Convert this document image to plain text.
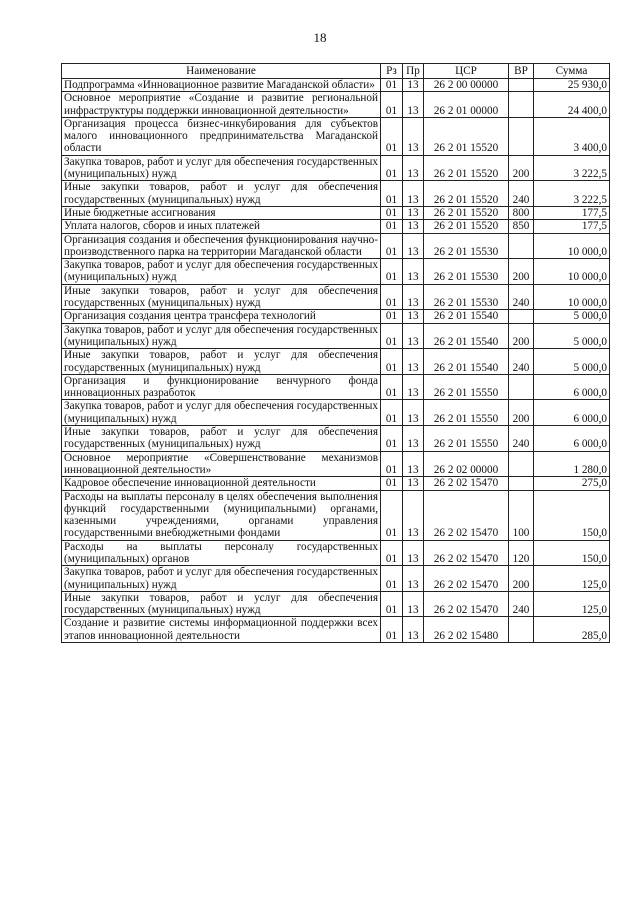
18
Наименование	Рз	Пр	ЦСР	ВР	Сумма
Подпрограмма «Инновационное развитие Магаданской области»	01	13	26 2 00 00000		25 930,0
Основное мероприятие «Создание и развитие региональной инфраструктуры поддержки инновационной деятельности»	01	13	26 2 01 00000		24 400,0
Организация процесса бизнес-инкубирования для субъектов малого инновационного предпринимательства Магаданской области	01	13	26 2 01 15520		3 400,0
Закупка товаров, работ и услуг для обеспечения государственных (муниципальных) нужд	01	13	26 2 01 15520	200	3 222,5
Иные закупки товаров, работ и услуг для обеспечения государственных (муниципальных) нужд	01	13	26 2 01 15520	240	3 222,5
Иные бюджетные ассигнования	01	13	26 2 01 15520	800	177,5
Уплата налогов, сборов и иных платежей	01	13	26 2 01 15520	850	177,5
Организация создания и обеспечения функционирования научно-производственного парка на территории Магаданской области	01	13	26 2 01 15530		10 000,0
Закупка товаров, работ и услуг для обеспечения государственных (муниципальных) нужд	01	13	26 2 01 15530	200	10 000,0
Иные закупки товаров, работ и услуг для обеспечения государственных (муниципальных) нужд	01	13	26 2 01 15530	240	10 000,0
Организация создания центра трансфера технологий	01	13	26 2 01 15540		5 000,0
Закупка товаров, работ и услуг для обеспечения государственных (муниципальных) нужд	01	13	26 2 01 15540	200	5 000,0
Иные закупки товаров, работ и услуг для обеспечения государственных (муниципальных) нужд	01	13	26 2 01 15540	240	5 000,0
Организация и функционирование венчурного фонда инновационных разработок	01	13	26 2 01 15550		6 000,0
Закупка товаров, работ и услуг для обеспечения государственных (муниципальных) нужд	01	13	26 2 01 15550	200	6 000,0
Иные закупки товаров, работ и услуг для обеспечения государственных (муниципальных) нужд	01	13	26 2 01 15550	240	6 000,0
Основное мероприятие «Совершенствование механизмов инновационной деятельности»	01	13	26 2 02 00000		1 280,0
Кадровое обеспечение инновационной деятельности	01	13	26 2 02 15470		275,0
Расходы на выплаты персоналу в целях обеспечения выполнения функций государственными (муниципальными) органами, казенными учреждениями, органами управления государственными внебюджетными фондами	01	13	26 2 02 15470	100	150,0
Расходы на выплаты персоналу государственных (муниципальных) органов	01	13	26 2 02 15470	120	150,0
Закупка товаров, работ и услуг для обеспечения государственных (муниципальных) нужд	01	13	26 2 02 15470	200	125,0
Иные закупки товаров, работ и услуг для обеспечения государственных (муниципальных) нужд	01	13	26 2 02 15470	240	125,0
Создание и развитие системы информационной поддержки всех этапов инновационной деятельности	01	13	26 2 02 15480		285,0
